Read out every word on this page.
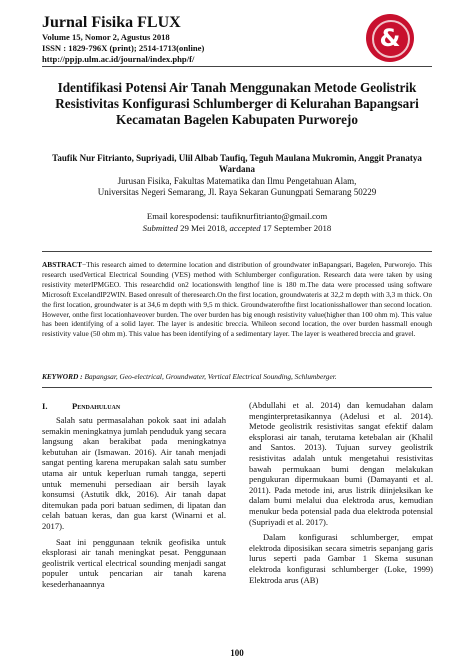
Jurnal Fisika FLUX
Volume 15, Nomor 2, Agustus 2018
ISSN : 1829-796X (print); 2514-1713(online)
http://ppjp.ulm.ac.id/journal/index.php/f/
&
Identifikasi Potensi Air Tanah Menggunakan Metode Geolistrik Resistivitas Konfigurasi Schlumberger di Kelurahan Bapangsari Kecamatan Bagelen Kabupaten Purworejo
Taufik Nur Fitrianto, Supriyadi, Ulil Albab Taufiq, Teguh Maulana Mukromin, Anggit Pranatya Wardana
Jurusan Fisika, Fakultas Matematika dan Ilmu Pengetahuan Alam,
Universitas Negeri Semarang, Jl. Raya Sekaran Gunungpati Semarang 50229
Email korespodensi: taufiknurfitrianto@gmail.com
Submitted 29 Mei 2018, accepted 17 September 2018
ABSTRACT−This research aimed to determine location and distribution of groundwater inBapangsari, Bagelen, Purworejo. This research usedVertical Electrical Sounding (VES) method with Schlumberger configuration. Research data were taken by using resistivity meterIPMGEO. This researchdid on2 locationswith lengthof line is 180 m.The data were processed using software Microsoft ExcelandIP2WIN. Based onresult of theresearch.On the first location, groundwateris at 32,2 m depth with 3,3 m thick. On the first location, groundwater is at 34,6 m depth with 9,5 m thick. Groundwaterofthe first locationisshallower than second location. However, onthe first locationhaveover burden. The over burden has big enough resistivity value(higher than 100 ohm m). This value has been identifying of a solid layer. The layer is andesitic breccia. Whileon second location, the over burden hassmall enough resistivity value (50 ohm m). This value has been identifying of a sedimentary layer. The layer is weathered breccia and gravel.
KEYWORD : Bapangsar, Geo-electrical, Groundwater, Vertical Electrical Sounding, Schlumberger.
I.	Pendahuluan

Salah satu permasalahan pokok saat ini adalah semakin meningkatnya jumlah penduduk yang secara langsung akan berakibat pada meningkatnya kebutuhan air (Ismawan. 2016). Air tanah menjadi sangat penting karena merupakan salah satu sumber utama air untuk keperluan rumah tangga, seperti untuk memenuhi persediaan air bersih layak konsumsi (Astutik dkk, 2016). Air tanah dapat ditemukan pada pori batuan sedimen, di lipatan dan celah batuan keras, dan gua karst (Winarni et al. 2017).

Saat ini penggunaan teknik geofisika untuk eksplorasi air tanah meningkat pesat. Penggunaan geolistrik vertical electrical sounding menjadi sangat populer untuk pencarian air tanah karena kesederhanaannya

(Abdullahi et al. 2014) dan kemudahan dalam menginterpretasikannya (Adelusi et al. 2014). Metode geolistrik resistivitas sangat efektif dalam eksplorasi air tanah, terutama ketebalan air (Khalil and Santos. 2013). Tujuan survey geolistrik resistivitas adalah untuk mengetahui resistivitas bawah permukaan bumi dengan melakukan pengukuran dipermukaan bumi (Damayanti et al. 2011). Pada metode ini, arus listrik diinjeksikan ke dalam bumi melalui dua elektroda arus, kemudian menukur beda potensial pada dua elektroda potensial (Supriyadi et al. 2017).

Dalam konfigurasi schlumberger, empat elektroda diposisikan secara simetris sepanjang garis lurus seperti pada Gambar 1 Skema susunan elektroda konfigurasi schlumberger (Loke, 1999) Elektroda arus (AB)

100
